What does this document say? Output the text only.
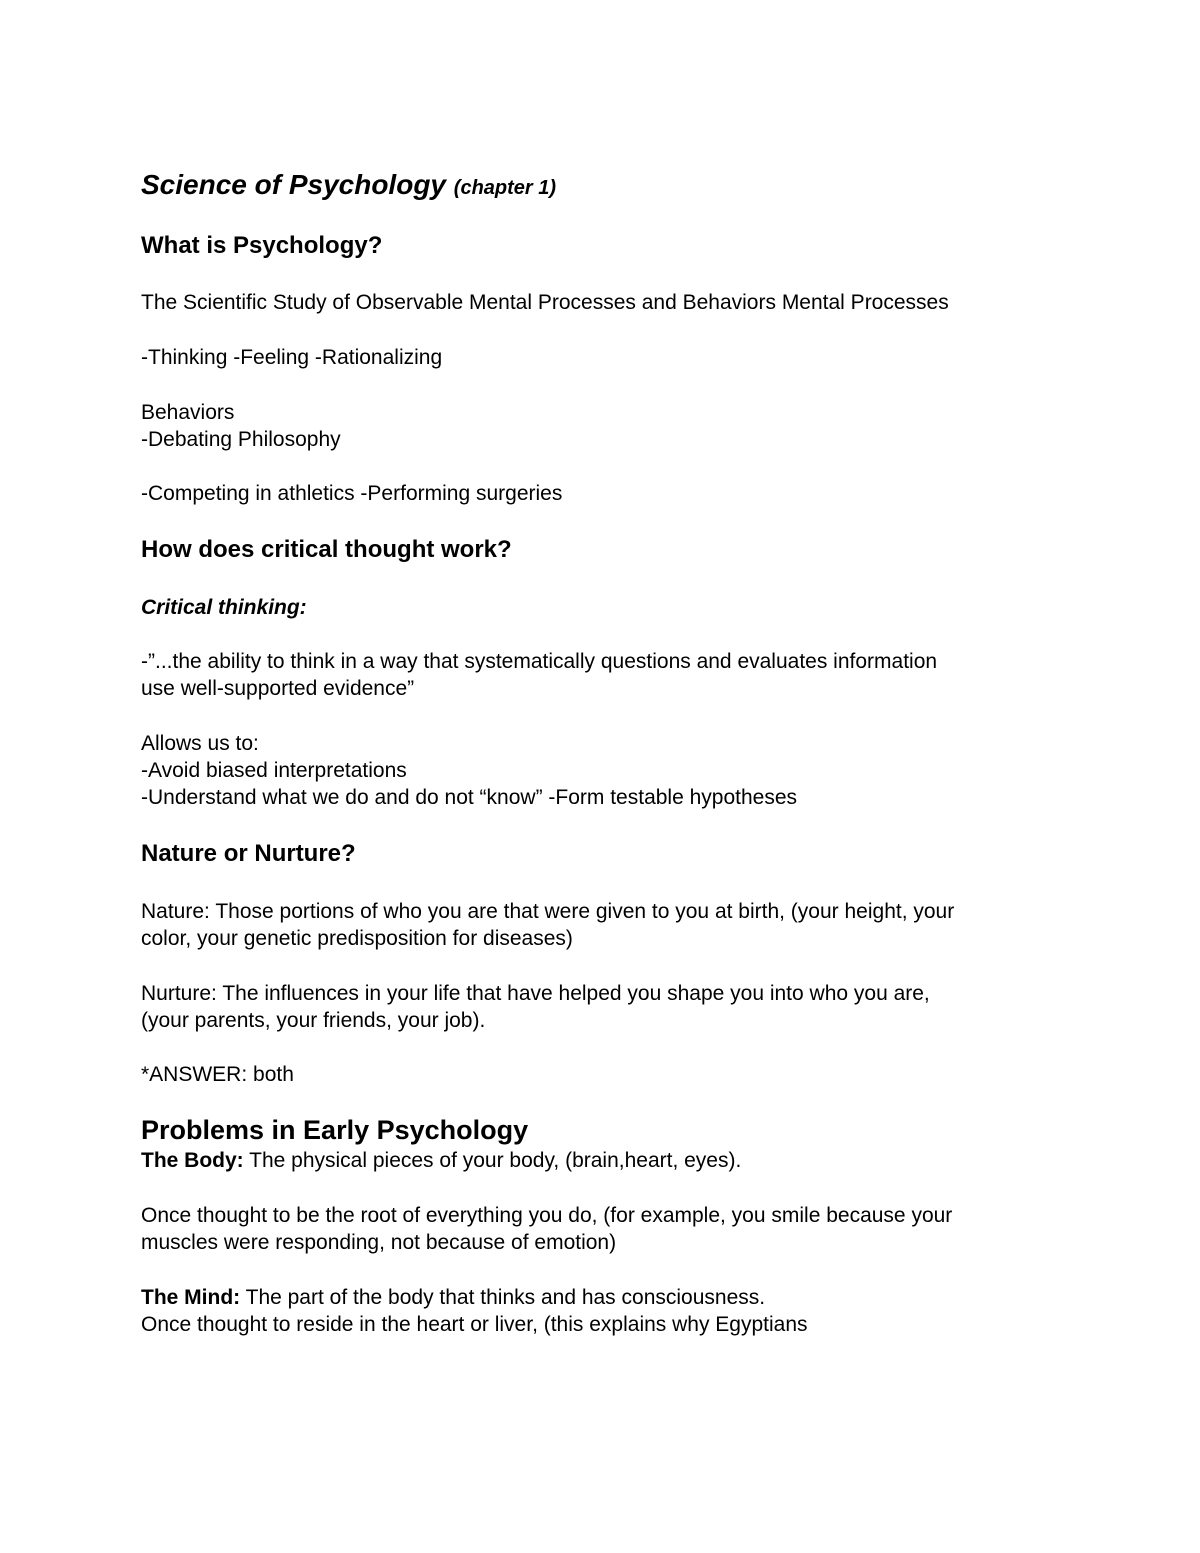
Science of Psychology (chapter 1)
What is Psychology?

The Scientific Study of Observable Mental Processes and Behaviors Mental Processes

-Thinking -Feeling -Rationalizing

Behaviors

-Debating Philosophy

-Competing in athletics -Performing surgeries

How does critical thought work?

Critical thinking:

-”...the ability to think in a way that systematically questions and evaluates information

use well-supported evidence”

Allows us to:

-Avoid biased interpretations

-Understand what we do and do not “know” -Form testable hypotheses

Nature or Nurture?

Nature: Those portions of who you are that were given to you at birth, (your height, your

color, your genetic predisposition for diseases)

Nurture: The influences in your life that have helped you shape you into who you are,

(your parents, your friends, your job).

*ANSWER: both

Problems in Early Psychology

The Body: The physical pieces of your body, (brain,heart, eyes).

Once thought to be the root of everything you do, (for example, you smile because your

muscles were responding, not because of emotion)

The Mind: The part of the body that thinks and has consciousness.

Once thought to reside in the heart or liver, (this explains why Egyptians
